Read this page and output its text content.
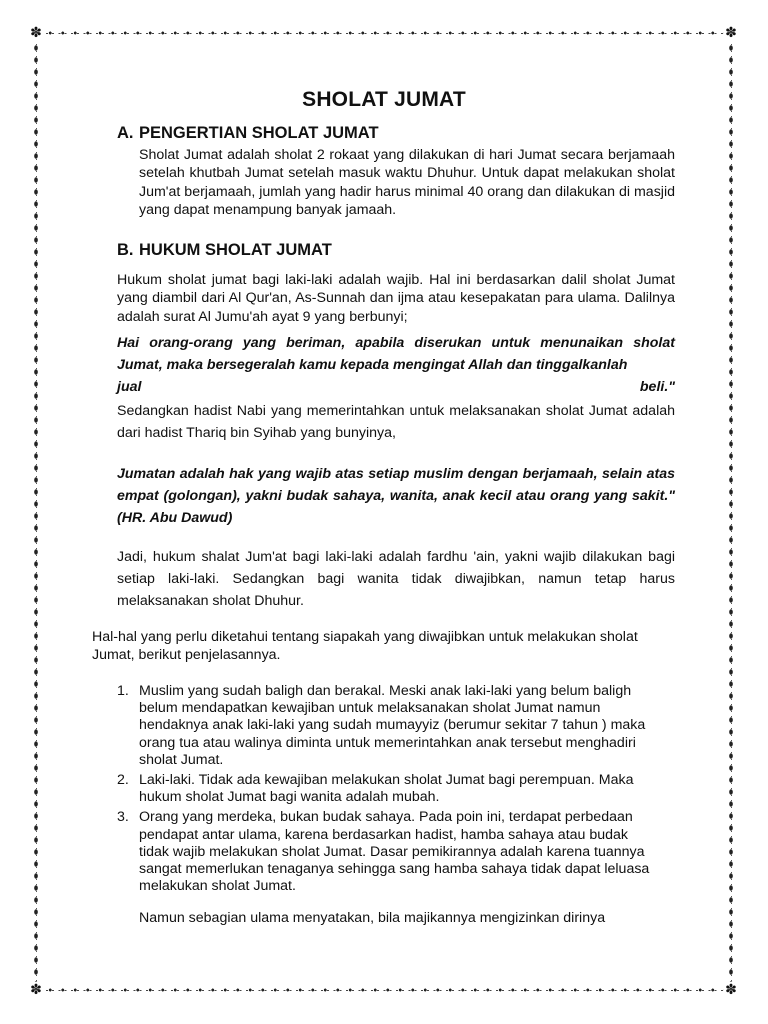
✽	✽
✽	✽
SHOLAT JUMAT
A. PENGERTIAN SHOLAT JUMAT
Sholat Jumat adalah sholat 2 rokaat yang dilakukan di hari Jumat secara berjamaah setelah khutbah Jumat setelah masuk waktu Dhuhur. Untuk dapat melakukan sholat Jum'at berjamaah, jumlah yang hadir harus minimal 40 orang dan dilakukan di masjid yang dapat menampung banyak jamaah.
B. HUKUM SHOLAT JUMAT
Hukum sholat jumat bagi laki-laki adalah wajib. Hal ini berdasarkan dalil sholat Jumat yang diambil dari Al Qur'an, As-Sunnah dan ijma atau kesepakatan para ulama. Dalilnya adalah surat Al Jumu'ah ayat 9 yang berbunyi;
Hai orang-orang yang beriman, apabila diserukan untuk menunaikan sholat Jumat, maka bersegeralah kamu kepada mengingat Allah dan tinggalkanlah
jual	beli."
Sedangkan hadist Nabi yang memerintahkan untuk melaksanakan sholat Jumat adalah dari hadist Thariq bin Syihab yang bunyinya,
Jumatan adalah hak yang wajib atas setiap muslim dengan berjamaah, selain atas empat (golongan), yakni budak sahaya, wanita, anak kecil atau orang yang sakit." (HR. Abu Dawud)
Jadi, hukum shalat Jum'at bagi laki-laki adalah fardhu 'ain, yakni wajib dilakukan bagi setiap laki-laki. Sedangkan bagi wanita tidak diwajibkan, namun tetap harus melaksanakan sholat Dhuhur.
Hal-hal yang perlu diketahui tentang siapakah yang diwajibkan untuk melakukan sholat Jumat, berikut penjelasannya.
1. Muslim yang sudah baligh dan berakal. Meski anak laki-laki yang belum baligh belum mendapatkan kewajiban untuk melaksanakan sholat Jumat namun hendaknya anak laki-laki yang sudah mumayyiz (berumur sekitar 7 tahun ) maka orang tua atau walinya diminta untuk memerintahkan anak tersebut menghadiri sholat Jumat.
2. Laki-laki. Tidak ada kewajiban melakukan sholat Jumat bagi perempuan. Maka hukum sholat Jumat bagi wanita adalah mubah.
3. Orang yang merdeka, bukan budak sahaya. Pada poin ini, terdapat perbedaan pendapat antar ulama, karena berdasarkan hadist, hamba sahaya atau budak tidak wajib melakukan sholat Jumat. Dasar pemikirannya adalah karena tuannya sangat memerlukan tenaganya sehingga sang hamba sahaya tidak dapat leluasa melakukan sholat Jumat.
Namun sebagian ulama menyatakan, bila majikannya mengizinkan dirinya
